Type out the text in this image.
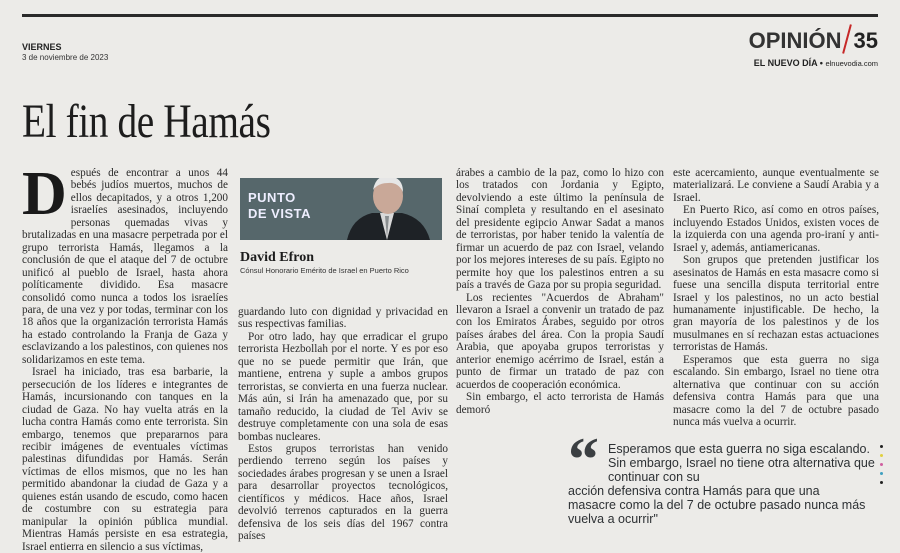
VIERNES
3 de noviembre de 2023
OPINIÓN 35
EL NUEVO DÍA • elnuevodia.com
El fin de Hamás

Después de encontrar a unos 44 bebés judíos muertos, muchos de ellos decapitados, y a otros 1,200 israelíes asesinados, incluyendo personas quemadas vivas y brutalizadas en una masacre perpetrada por el grupo terrorista Hamás, llegamos a la conclusión de que el ataque del 7 de octubre unificó al pueblo de Israel, hasta ahora políticamente dividido. Esa masacre consolidó como nunca a todos los israelíes para, de una vez y por todas, terminar con los 18 años que la organización terrorista Hamás ha estado controlando la Franja de Gaza y esclavizando a los palestinos, con quienes nos solidarizamos en este tema.

Israel ha iniciado, tras esa barbarie, la persecución de los líderes e integrantes de Hamás, incursionando con tanques en la ciudad de Gaza. No hay vuelta atrás en la lucha contra Hamás como ente terrorista. Sin embargo, tenemos que prepararnos para recibir imágenes de eventuales víctimas palestinas difundidas por Hamás. Serán víctimas de ellos mismos, que no les han permitido abandonar la ciudad de Gaza y a quienes están usando de escudo, como hacen de costumbre con su estrategia para manipular la opinión pública mundial. Mientras Hamás persiste en esa estrategia, Israel entierra en silencio a sus víctimas,

PUNTO
DE VISTA
David Efron
Cónsul Honorario Emérito de Israel en Puerto Rico

guardando luto con dignidad y privacidad en sus respectivas familias.

Por otro lado, hay que erradicar el grupo terrorista Hezbollah por el norte. Y es por eso que no se puede permitir que Irán, que mantiene, entrena y suple a ambos grupos terroristas, se convierta en una fuerza nuclear. Más aún, si Irán ha amenazado que, por su tamaño reducido, la ciudad de Tel Aviv se destruye completamente con una sola de esas bombas nucleares.

Estos grupos terroristas han venido perdiendo terreno según los países y sociedades árabes progresan y se unen a Israel para desarrollar proyectos tecnológicos, científicos y médicos. Hace años, Israel devolvió terrenos capturados en la guerra defensiva de los seis días del 1967 contra países

árabes a cambio de la paz, como lo hizo con los tratados con Jordania y Egipto, devolviendo a este último la península de Sinaí completa y resultando en el asesinato del presidente egipcio Anwar Sadat a manos de terroristas, por haber tenido la valentía de firmar un acuerdo de paz con Israel, velando por los mejores intereses de su país. Egipto no permite hoy que los palestinos entren a su país a través de Gaza por su propia seguridad.

Los recientes "Acuerdos de Abraham" llevaron a Israel a convenir un tratado de paz con los Emiratos Árabes, seguido por otros países árabes del área. Con la propia Saudí Arabia, que apoyaba grupos terroristas y anterior enemigo acérrimo de Israel, están a punto de firmar un tratado de paz con acuerdos de cooperación económica.

Sin embargo, el acto terrorista de Hamás demoró

este acercamiento, aunque eventualmente se materializará. Le conviene a Saudí Arabia y a Israel.

En Puerto Rico, así como en otros países, incluyendo Estados Unidos, existen voces de la izquierda con una agenda pro-iraní y anti-Israel y, además, antiamericanas.

Son grupos que pretenden justificar los asesinatos de Hamás en esta masacre como si fuese una sencilla disputa territorial entre Israel y los palestinos, no un acto bestial humanamente injustificable. De hecho, la gran mayoría de los palestinos y de los musulmanes en sí rechazan estas actuaciones terroristas de Hamás.

Esperamos que esta guerra no siga escalando. Sin embargo, Israel no tiene otra alternativa que continuar con su acción defensiva contra Hamás para que una masacre como la del 7 de octubre pasado nunca más vuelva a ocurrir.

“ Esperamos que esta guerra no siga escalando. Sin embargo, Israel no tiene otra alternativa que continuar con su
acción defensiva contra Hamás para que una masacre como la del 7 de octubre pasado nunca más vuelva a ocurrir"
